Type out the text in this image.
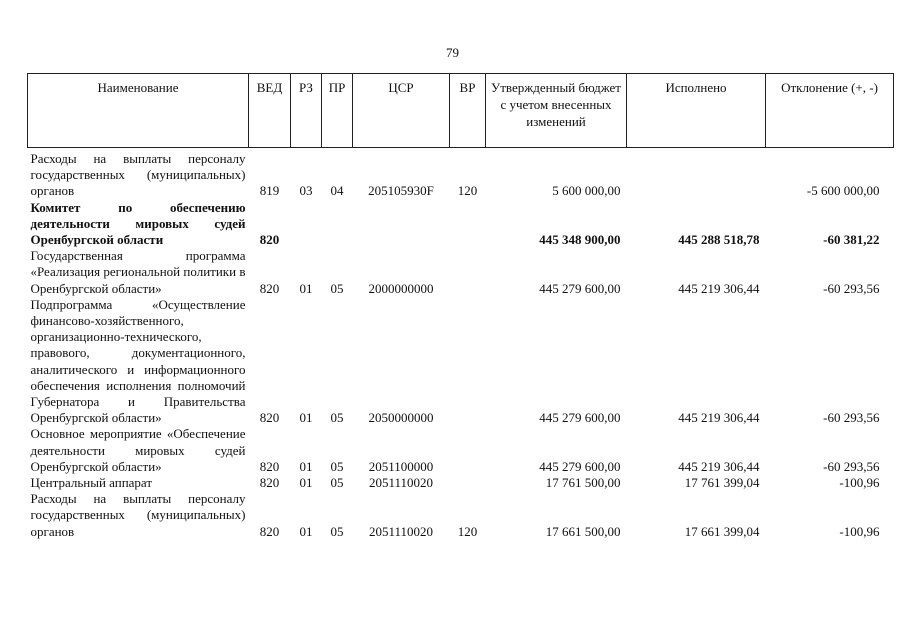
79
Наименование	ВЕД	РЗ	ПР	ЦСР	ВР	Утвержденный бюджет с учетом внесенных изменений	Исполнено	Отклонение (+, -)
Расходы на выплаты персоналу государственных (муниципальных) органов	819	03	04	205105930F	120	5 600 000,00		-5 600 000,00
Комитет по обеспечению деятельности мировых судей Оренбургской области	820					445 348 900,00	445 288 518,78	-60 381,22
Государственная программа «Реализация региональной политики в Оренбургской области»	820	01	05	2000000000		445 279 600,00	445 219 306,44	-60 293,56
Подпрограмма «Осуществление финансово-хозяйственного, организационно-технического, правового, документационного, аналитического и информационного обеспечения исполнения полномочий Губернатора и Правительства Оренбургской области»	820	01	05	2050000000		445 279 600,00	445 219 306,44	-60 293,56
Основное мероприятие «Обеспечение деятельности мировых судей Оренбургской области»	820	01	05	2051100000		445 279 600,00	445 219 306,44	-60 293,56
Центральный аппарат	820	01	05	2051110020		17 761 500,00	17 761 399,04	-100,96
Расходы на выплаты персоналу государственных (муниципальных) органов	820	01	05	2051110020	120	17 661 500,00	17 661 399,04	-100,96
